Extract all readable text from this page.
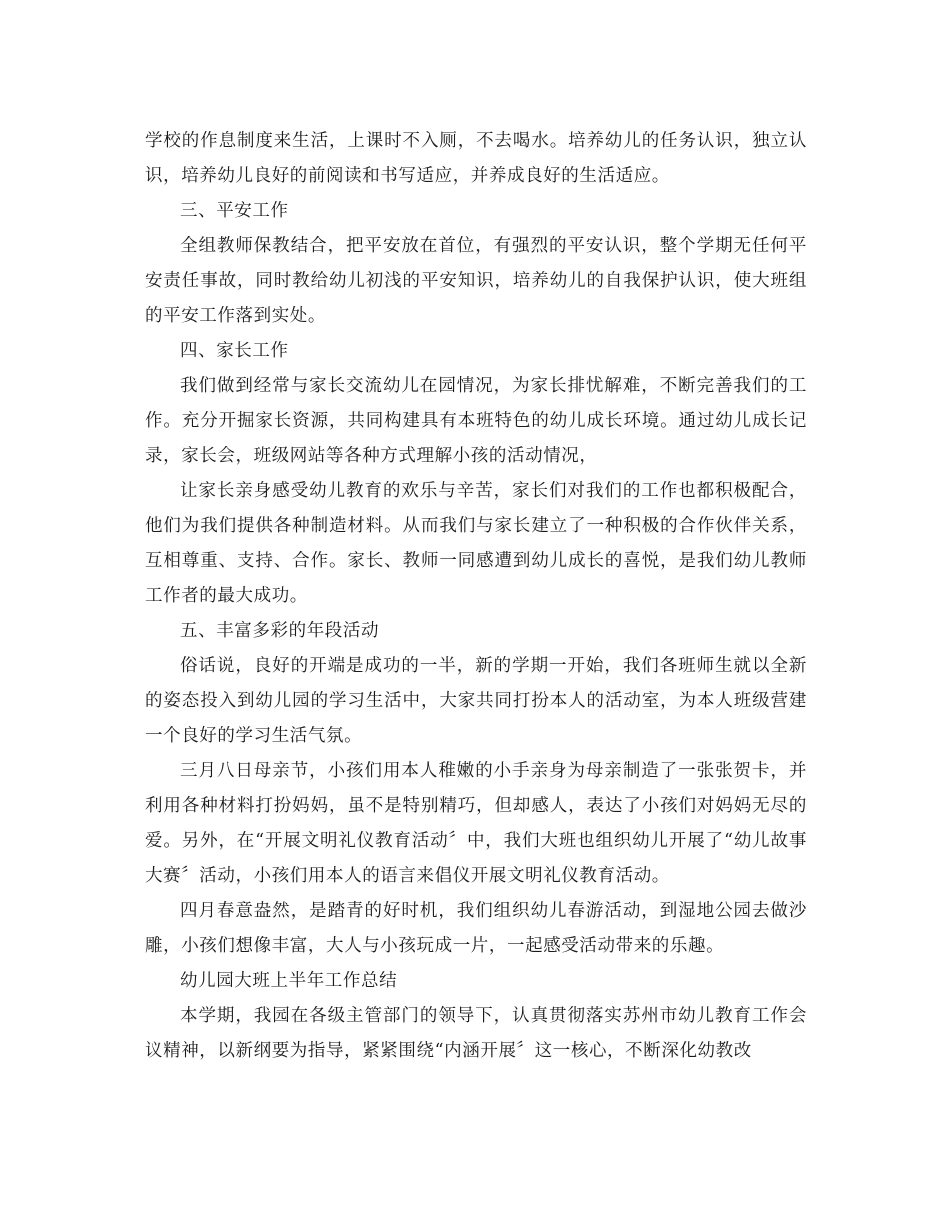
学校的作息制度来生活，上课时不入厕，不去喝水。培养幼儿的任务认识，独立认识，培养幼儿良好的前阅读和书写适应，并养成良好的生活适应。

三、平安工作

全组教师保教结合，把平安放在首位，有强烈的平安认识，整个学期无任何平安责任事故，同时教给幼儿初浅的平安知识，培养幼儿的自我保护认识，使大班组的平安工作落到实处。

四、家长工作

我们做到经常与家长交流幼儿在园情况，为家长排忧解难，不断完善我们的工作。充分开掘家长资源，共同构建具有本班特色的幼儿成长环境。通过幼儿成长记录，家长会，班级网站等各种方式理解小孩的活动情况，

让家长亲身感受幼儿教育的欢乐与辛苦，家长们对我们的工作也都积极配合，他们为我们提供各种制造材料。从而我们与家长建立了一种积极的合作伙伴关系，互相尊重、支持、合作。家长、教师一同感遭到幼儿成长的喜悦，是我们幼儿教师工作者的最大成功。

五、丰富多彩的年段活动

俗话说，良好的开端是成功的一半，新的学期一开始，我们各班师生就以全新的姿态投入到幼儿园的学习生活中，大家共同打扮本人的活动室，为本人班级营建一个良好的学习生活气氛。

三月八日母亲节，小孩们用本人稚嫩的小手亲身为母亲制造了一张张贺卡，并利用各种材料打扮妈妈，虽不是特别精巧，但却感人，表达了小孩们对妈妈无尽的爱。另外，在“开展文明礼仪教育活动〞中，我们大班也组织幼儿开展了“幼儿故事大赛〞活动，小孩们用本人的语言来倡仪开展文明礼仪教育活动。

四月春意盎然，是踏青的好时机，我们组织幼儿春游活动，到湿地公园去做沙雕，小孩们想像丰富，大人与小孩玩成一片，一起感受活动带来的乐趣。

幼儿园大班上半年工作总结

本学期，我园在各级主管部门的领导下，认真贯彻落实苏州市幼儿教育工作会议精神，以新纲要为指导，紧紧围绕“内涵开展〞这一核心，不断深化幼教改
